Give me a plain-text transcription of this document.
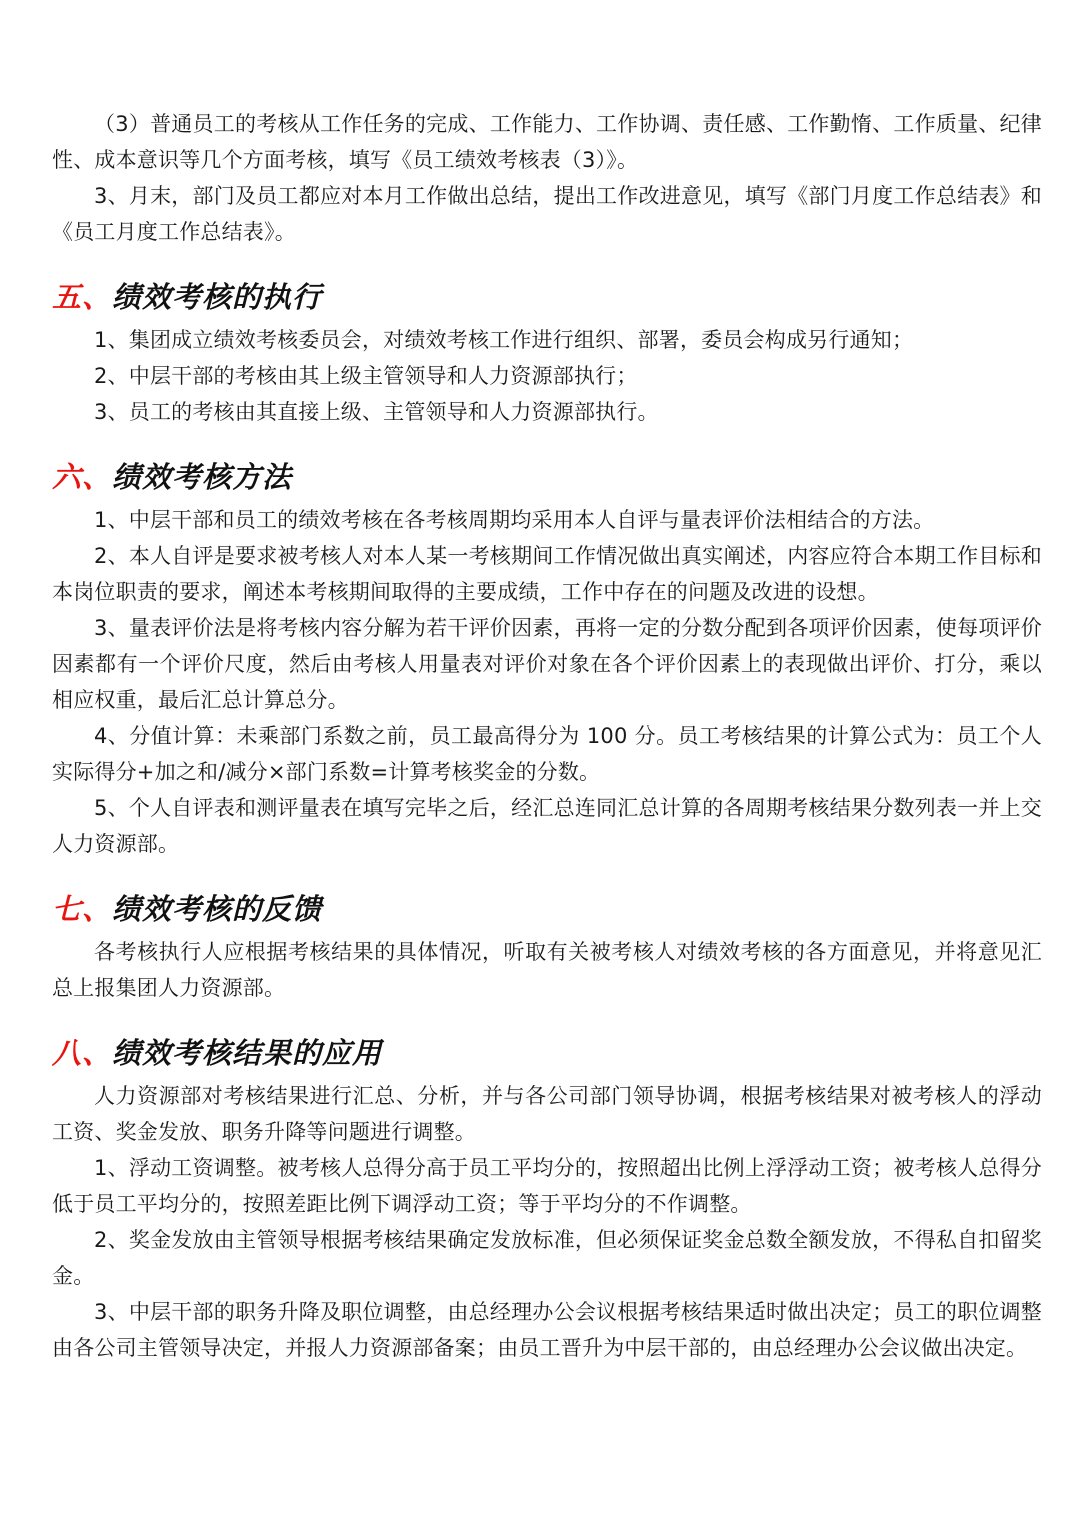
（3）普通员工的考核从工作任务的完成、工作能力、工作协调、责任感、工作勤惰、工作质量、纪律性、成本意识等几个方面考核，填写《员工绩效考核表（3）》。

3、月末，部门及员工都应对本月工作做出总结，提出工作改进意见，填写《部门月度工作总结表》和《员工月度工作总结表》。

五、绩效考核的执行

1、集团成立绩效考核委员会，对绩效考核工作进行组织、部署，委员会构成另行通知；

2、中层干部的考核由其上级主管领导和人力资源部执行；

3、员工的考核由其直接上级、主管领导和人力资源部执行。

六、绩效考核方法

1、中层干部和员工的绩效考核在各考核周期均采用本人自评与量表评价法相结合的方法。

2、本人自评是要求被考核人对本人某一考核期间工作情况做出真实阐述，内容应符合本期工作目标和本岗位职责的要求，阐述本考核期间取得的主要成绩，工作中存在的问题及改进的设想。

3、量表评价法是将考核内容分解为若干评价因素，再将一定的分数分配到各项评价因素，使每项评价因素都有一个评价尺度，然后由考核人用量表对评价对象在各个评价因素上的表现做出评价、打分，乘以相应权重，最后汇总计算总分。

4、分值计算：未乘部门系数之前，员工最高得分为 100 分。员工考核结果的计算公式为：员工个人实际得分+加之和/减分×部门系数=计算考核奖金的分数。

5、个人自评表和测评量表在填写完毕之后，经汇总连同汇总计算的各周期考核结果分数列表一并上交人力资源部。

七、绩效考核的反馈

各考核执行人应根据考核结果的具体情况，听取有关被考核人对绩效考核的各方面意见，并将意见汇总上报集团人力资源部。

八、绩效考核结果的应用

人力资源部对考核结果进行汇总、分析，并与各公司部门领导协调，根据考核结果对被考核人的浮动工资、奖金发放、职务升降等问题进行调整。

1、浮动工资调整。被考核人总得分高于员工平均分的，按照超出比例上浮浮动工资；被考核人总得分低于员工平均分的，按照差距比例下调浮动工资；等于平均分的不作调整。

2、奖金发放由主管领导根据考核结果确定发放标准，但必须保证奖金总数全额发放，不得私自扣留奖金。

3、中层干部的职务升降及职位调整，由总经理办公会议根据考核结果适时做出决定；员工的职位调整由各公司主管领导决定，并报人力资源部备案；由员工晋升为中层干部的，由总经理办公会议做出决定。
